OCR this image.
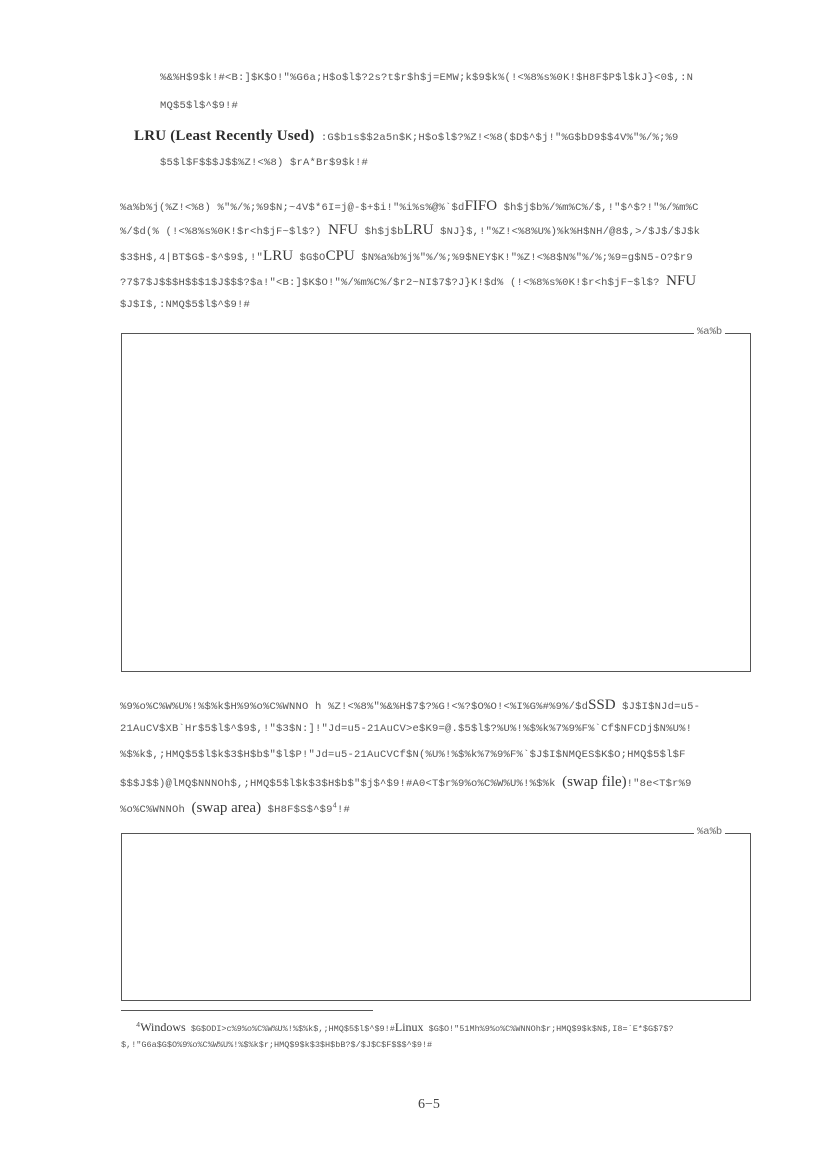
%&%H$9$k!#<B:]$K$O!"%G6a;H$o$l$?2s?t$r$h$j=EMW;k$9$k%(!<%8%s%0K!$H8F$P$l$kJ}<0$,:N
MQ$5$l$^$9!#
LRU (Least Recently Used) :G$b1s$$2a5n$K;H$o$l$?%Z!<%8($D$^$j!"%G$bD9$$4V%"%/%;%9
$5$l$F$$$J$$%Z!<%8) $rA*Br$9$k!#
%a%b%j(%Z!<%8) %"%/%;%9$N;~4V$*6I=j@-$+$i!"%i%s%@%`$dFIFO $h$j$b%/%m%C%/$,!"$^$?!"%/%m%C
%/$d(% (!<%8%s%0K!$r<h$jF~$l$?) NFU $h$j$bLRU $NJ}$,!"%Z!<%8%U%)%k%H$NH/@8$,>/$J$/$J$k
$3$H$,4|BT$G$-$^$9$,!"LRU $G$OCPU $N%a%b%j%"%/%;%9$NEY$K!"%Z!<%8$N%"%/%;%9=g$N5-O?$r9
?7$7$J$$$H$$$1$J$$$?$a!"<B:]$K$O!"%/%m%C%/$r2~NI$7$?J}K!$d% (!<%8%s%0K!$r<h$jF~$l$? NFU
$J$I$,:NMQ$5$l$^$9!#
%a%b
%9%o%C%W%U%!%$%k$H%9%o%C%WNNO h %Z!<%8%"%&%H$7$?%G!<%?$O%O!<%I%G%#%9%/$dSSD $J$I$NJd=u5-
21AuCV$XB`Hr$5$l$^$9$,!"$3$N:]!"Jd=u5-21AuCV>e$K9=@.$5$l$?%U%!%$%k%7%9%F%`Cf$NFCDj$N%U%!
%$%k$,;HMQ$5$l$k$3$H$b$"$l$P!"Jd=u5-21AuCVCf$N(%U%!%$%k%7%9%F%`$J$I$NMQES$K$O;HMQ$5$l$F
$$$J$$)@lMQ$NNNOh$,;HMQ$5$l$k$3$H$b$"$j$^$9!#A0<T$r%9%o%C%W%U%!%$%k (swap file)!"8e<T$r%9
%o%C%WNNOh (swap area) $\$H8F\$S\$\^{}\$9^4!\#$
%a%b
$^4$Windows $G$ODI>c%9%o%C%W%U%!%$%k$,;HMQ$5$l$^$9!#Linux $G$O!"51Mh%9%o%C%WNNOh$r;HMQ$9$k$N$,I8=`E*$G$7$?
$,!"G6a$G$O%9%o%C%W%U%!%$%k$r;HMQ$9$k$3$H$bB?$/$J$C$F$$$^$9!#
6−5
